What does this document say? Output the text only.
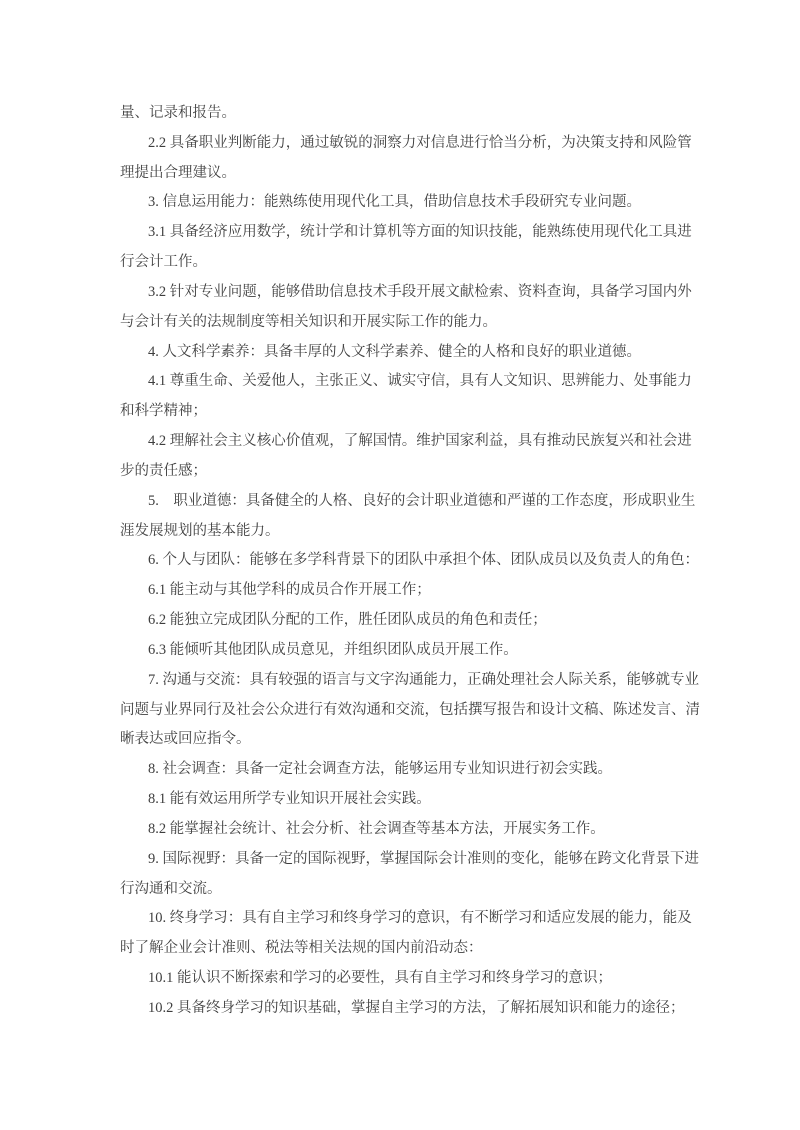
量、记录和报告。
2.2 具备职业判断能力，通过敏锐的洞察力对信息进行恰当分析，为决策支持和风险管
理提出合理建议。
3. 信息运用能力：能熟练使用现代化工具，借助信息技术手段研究专业问题。
3.1 具备经济应用数学，统计学和计算机等方面的知识技能，能熟练使用现代化工具进
行会计工作。
3.2 针对专业问题，能够借助信息技术手段开展文献检索、资料查询，具备学习国内外
与会计有关的法规制度等相关知识和开展实际工作的能力。
4. 人文科学素养：具备丰厚的人文科学素养、健全的人格和良好的职业道德。
4.1 尊重生命、关爱他人，主张正义、诚实守信，具有人文知识、思辨能力、处事能力
和科学精神；
4.2 理解社会主义核心价值观，了解国情。维护国家利益，具有推动民族复兴和社会进
步的责任感；
5.　职业道德：具备健全的人格、良好的会计职业道德和严谨的工作态度，形成职业生
涯发展规划的基本能力。
6. 个人与团队：能够在多学科背景下的团队中承担个体、团队成员以及负责人的角色：
6.1 能主动与其他学科的成员合作开展工作；
6.2 能独立完成团队分配的工作，胜任团队成员的角色和责任；
6.3 能倾听其他团队成员意见，并组织团队成员开展工作。
7. 沟通与交流：具有较强的语言与文字沟通能力，正确处理社会人际关系，能够就专业
问题与业界同行及社会公众进行有效沟通和交流，包括撰写报告和设计文稿、陈述发言、清
晰表达或回应指令。
8. 社会调查：具备一定社会调查方法，能够运用专业知识进行初会实践。
8.1 能有效运用所学专业知识开展社会实践。
8.2 能掌握社会统计、社会分析、社会调查等基本方法，开展实务工作。
9. 国际视野：具备一定的国际视野，掌握国际会计准则的变化，能够在跨文化背景下进
行沟通和交流。
10. 终身学习：具有自主学习和终身学习的意识，有不断学习和适应发展的能力，能及
时了解企业会计准则、税法等相关法规的国内前沿动态：
10.1 能认识不断探索和学习的必要性，具有自主学习和终身学习的意识；
10.2 具备终身学习的知识基础，掌握自主学习的方法，了解拓展知识和能力的途径；
